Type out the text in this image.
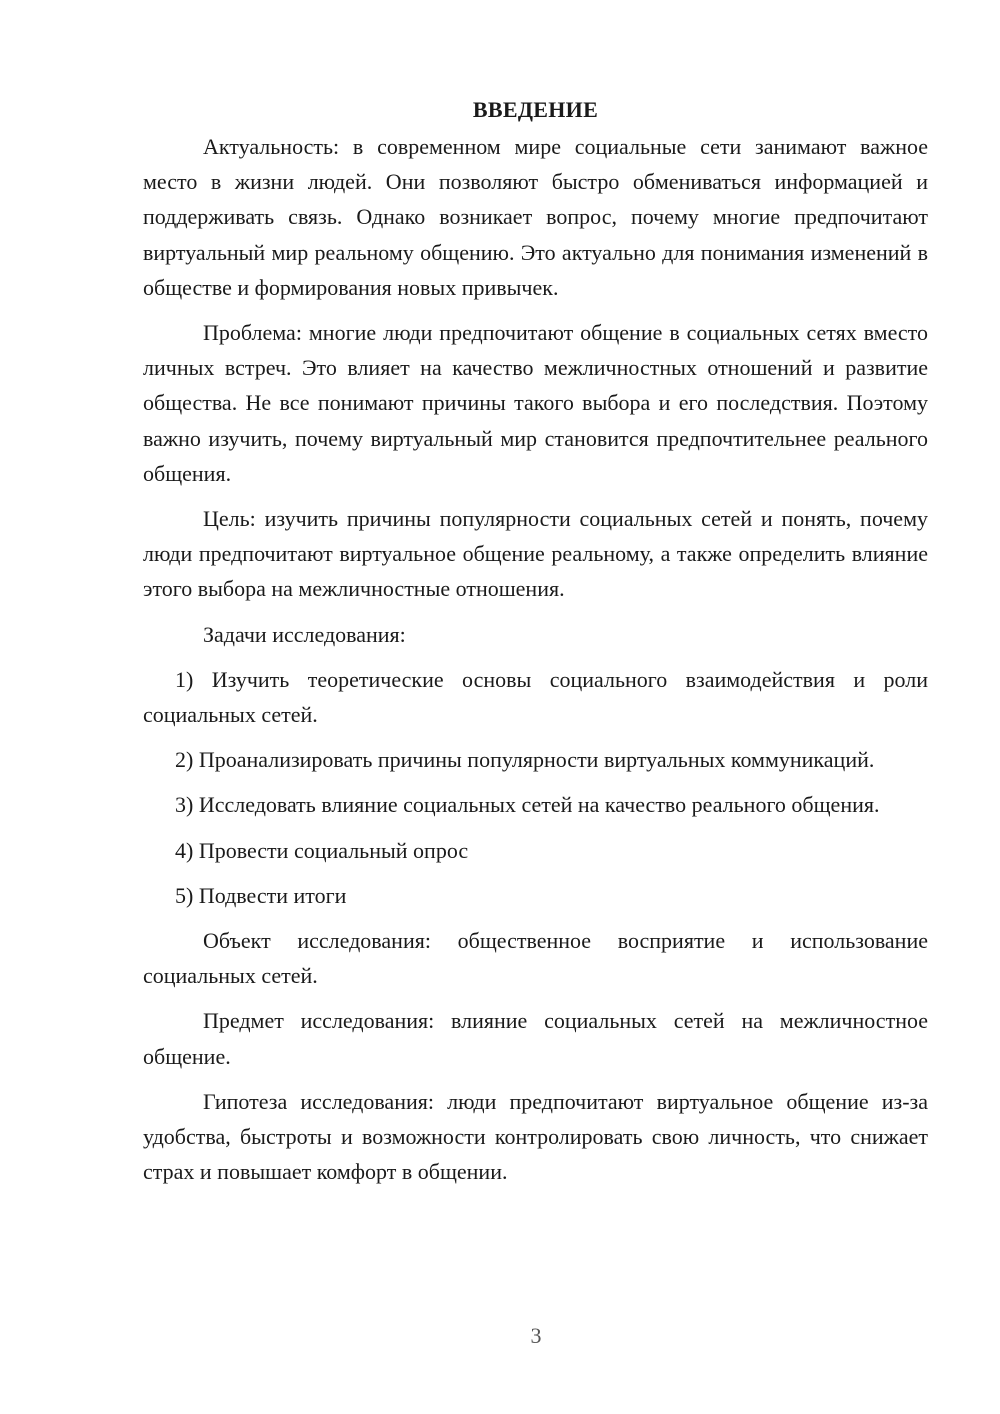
ВВЕДЕНИЕ

Актуальность: в современном мире социальные сети занимают важное место в жизни людей. Они позволяют быстро обмениваться информацией и поддерживать связь. Однако возникает вопрос, почему многие предпочитают виртуальный мир реальному общению. Это актуально для понимания изменений в обществе и формирования новых привычек.

Проблема: многие люди предпочитают общение в социальных сетях вместо личных встреч. Это влияет на качество межличностных отношений и развитие общества. Не все понимают причины такого выбора и его последствия. Поэтому важно изучить, почему виртуальный мир становится предпочтительнее реального общения.

Цель: изучить причины популярности социальных сетей и понять, почему люди предпочитают виртуальное общение реальному, а также определить влияние этого выбора на межличностные отношения.

Задачи исследования:

1) Изучить теоретические основы социального взаимодействия и роли социальных сетей.

2) Проанализировать причины популярности виртуальных коммуникаций.

3) Исследовать влияние социальных сетей на качество реального общения.

4) Провести социальный опрос

5) Подвести итоги

Объект исследования: общественное восприятие и использование социальных сетей.

Предмет исследования: влияние социальных сетей на межличностное общение.

Гипотеза исследования: люди предпочитают виртуальное общение из-за удобства, быстроты и возможности контролировать свою личность, что снижает страх и повышает комфорт в общении.

3
